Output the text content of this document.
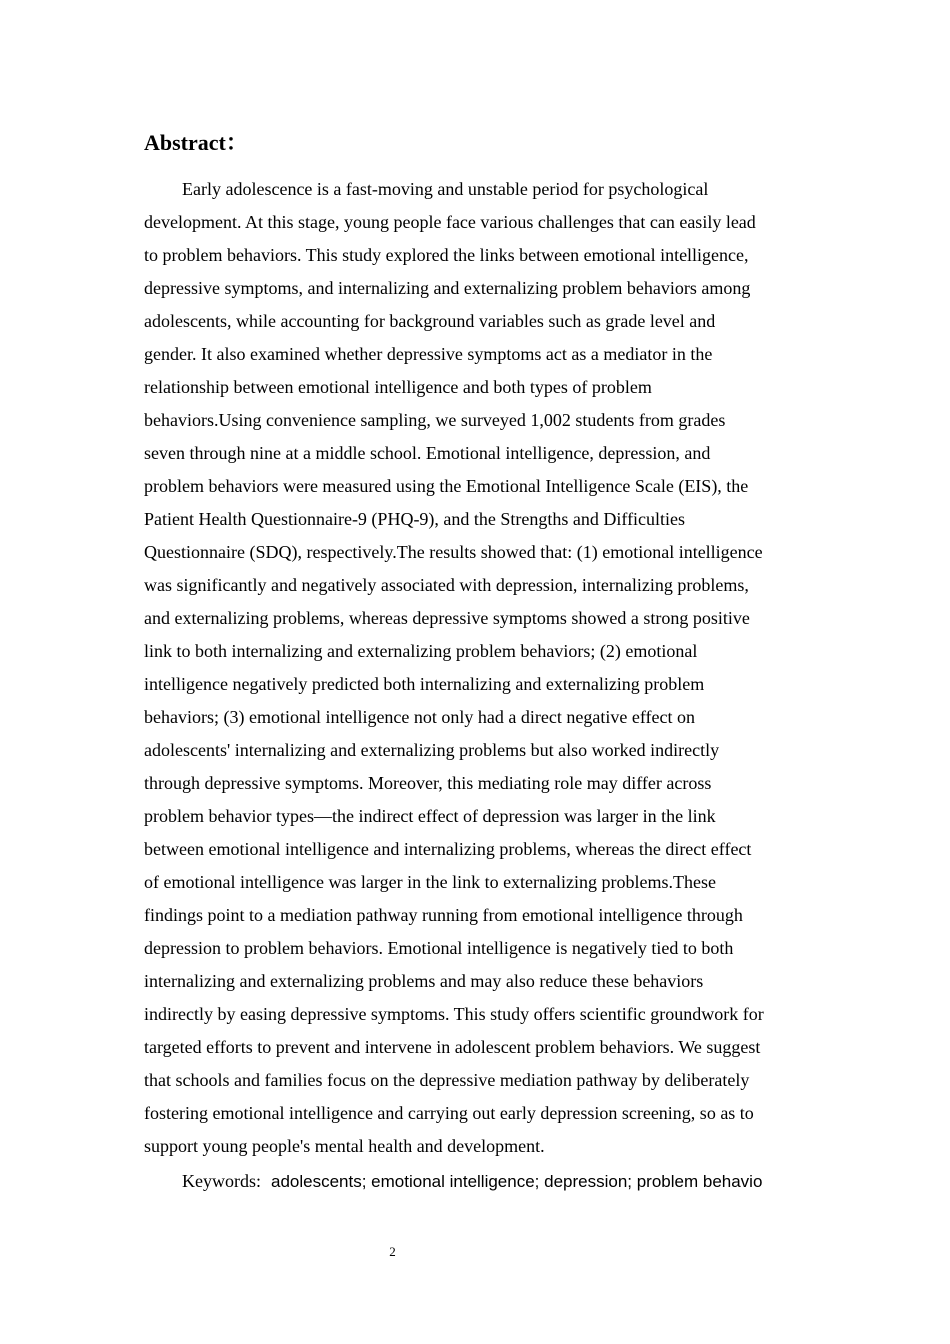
Abstract：
Early adolescence is a fast-moving and unstable period for psychological
development. At this stage, young people face various challenges that can easily lead
to problem behaviors. This study explored the links between emotional intelligence,
depressive symptoms, and internalizing and externalizing problem behaviors among
adolescents, while accounting for background variables such as grade level and
gender. It also examined whether depressive symptoms act as a mediator in the
relationship between emotional intelligence and both types of problem
behaviors.Using convenience sampling, we surveyed 1,002 students from grades
seven through nine at a middle school. Emotional intelligence, depression, and
problem behaviors were measured using the Emotional Intelligence Scale (EIS), the
Patient Health Questionnaire-9 (PHQ-9), and the Strengths and Difficulties
Questionnaire (SDQ), respectively.The results showed that: (1) emotional intelligence
was significantly and negatively associated with depression, internalizing problems,
and externalizing problems, whereas depressive symptoms showed a strong positive
link to both internalizing and externalizing problem behaviors; (2) emotional
intelligence negatively predicted both internalizing and externalizing problem
behaviors; (3) emotional intelligence not only had a direct negative effect on
adolescents' internalizing and externalizing problems but also worked indirectly
through depressive symptoms. Moreover, this mediating role may differ across
problem behavior types—the indirect effect of depression was larger in the link
between emotional intelligence and internalizing problems, whereas the direct effect
of emotional intelligence was larger in the link to externalizing problems.These
findings point to a mediation pathway running from emotional intelligence through
depression to problem behaviors. Emotional intelligence is negatively tied to both
internalizing and externalizing problems and may also reduce these behaviors
indirectly by easing depressive symptoms. This study offers scientific groundwork for
targeted efforts to prevent and intervene in adolescent problem behaviors. We suggest
that schools and families focus on the depressive mediation pathway by deliberately
fostering emotional intelligence and carrying out early depression screening, so as to
support young people's mental health and development.

Keywords: adolescents; emotional intelligence; depression; problem behavio

2
